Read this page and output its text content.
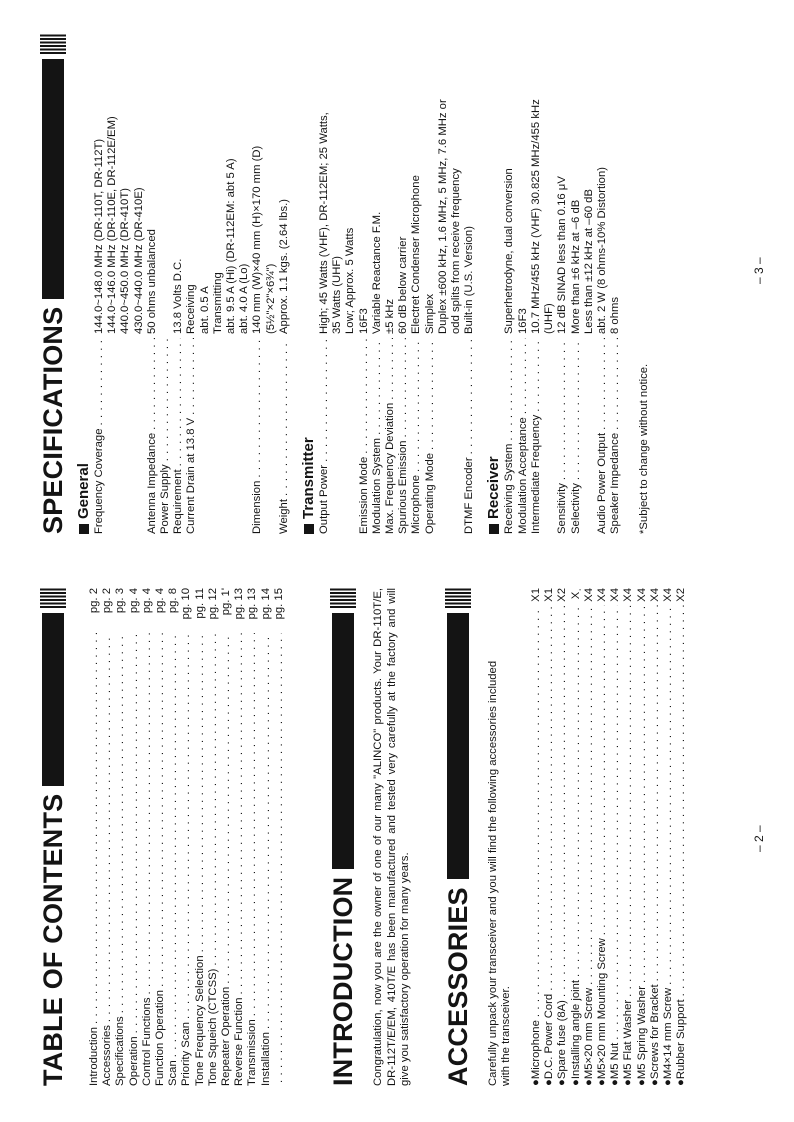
TABLE OF CONTENTS Introduction
. . .
pg. 2
Accessories
. . .
pg. 2
Specifications
. . .
pg. 3
Operation
. . .
pg. 4
Control Functions
. . .
pg. 4
Function Operation
. . .
pg. 4
Scan
. . .
pg. 8
Priority Scan
. . .
pg. 10
Tone Frequency Selection
. . .
pg. 11
Tone Squeich (CTCSS)
. . .
pg. 12
Repeater Operation
. . .
pg. 1'
Reverse Function
. . .
pg. 13
Transmission
. . .
pg. 13
Installation
. . .
pg. 14
. . . pg. 15
INTRODUCTION Congratulation, now you are the owner of one of our many "ALINCO" products. Your DR-110T/E, DR-112T/E/EM, 410T/E has been manufactured and tested very carefully at the factory and will give you satisfactory operation for many years. ACCESSORIES Carefully unpack your transceiver and you will find the following accessories included with the transceiver. ●Microphone
. . .
X1
●D.C. Power Cord
. . .
X1
●Spare fuse (8A)
. . .
X2
●Installing angle joint
. . .
Xˌ
●M5×20 mm Screw
. . .
X4
●M5×20 mm Mounting Screw
. . .
X4
●M5 Nut
. . .
X4
●M5 Flat Washer
. . .
X4
●M5 Spring Washer
. . .
X4
●Screws for Bracket
. . .
X4
●M4×14 mm Screw
. . .
X4
●Rubber Support
. . .
X2
– 2 –
SPECIFICATIONS General Frequency Coverage
. . .
144.0~148.0 MHz (DR-110T, DR-112T) 144.0~146.0 MHz (DR-110E, DR-112E/EM) 440.0~450.0 MHz (DR-410T) 430.0~440.0 MHz (DR-410E)
Antenna Impedance
. . .
50 ohms unbalanced
Power Supply
. . . Requirement
. . .
13.8 Volts D.C.
Current Drain at 13.8 V
. . .
Receiving abt. 0.5 A Transmitting abt. 9.5 A (Hi) (DR-112EM: abt 5 A) abt. 4.0 A (Lo)
Dimension
. . .
140 mm (W)×40 mm (H)×170 mm (D) (5½"×2"×6¾")
Weight
. . .
Approx. 1.1 kgs. (2.64 lbs.)
Transmitter Output Power
. . .
High; 45 Watts (VHF), DR-112EM; 25 Watts, 35 Watts (UHF) Low; Approx. 5 Watts
Emission Mode
. . .
16F3
Modulation System
. . .
Variable Reactance F.M.
Max. Frequency Deviation
. . .
±5 kHz
Spurious Emission
. . .
60 dB below carrier
Microphone
. . .
Electret Condenser Microphone
Operating Mode
. . .
Simplex Duplex ±600 kHz, 1.6 MHz, 5 MHz, 7.6 MHz or odd splits from receive frequency
DTMF Encoder
. . .
Built-in (U.S. Version)
Receiver Receiving System
. . .
Superhetrodyne, dual conversion
Modulation Acceptance
. . .
16F3
Intermediate Frequency
. . .
10.7 MHz/455 kHz (VHF) 30.825 MHz/455 kHz (UHF)
Sensitivity
. . .
12 dB SINAD less than 0.16 μV
Selectivity
. . .
More than ±6 kHz at –6 dB Less than ±12 kHz at –60 dB
Audio Power Output
. . .
abt. 2 W (8 ohms-10% Distortion)
Speaker Impedance
. . .
8 ohms
*Subject to change without notice.
– 3 –
